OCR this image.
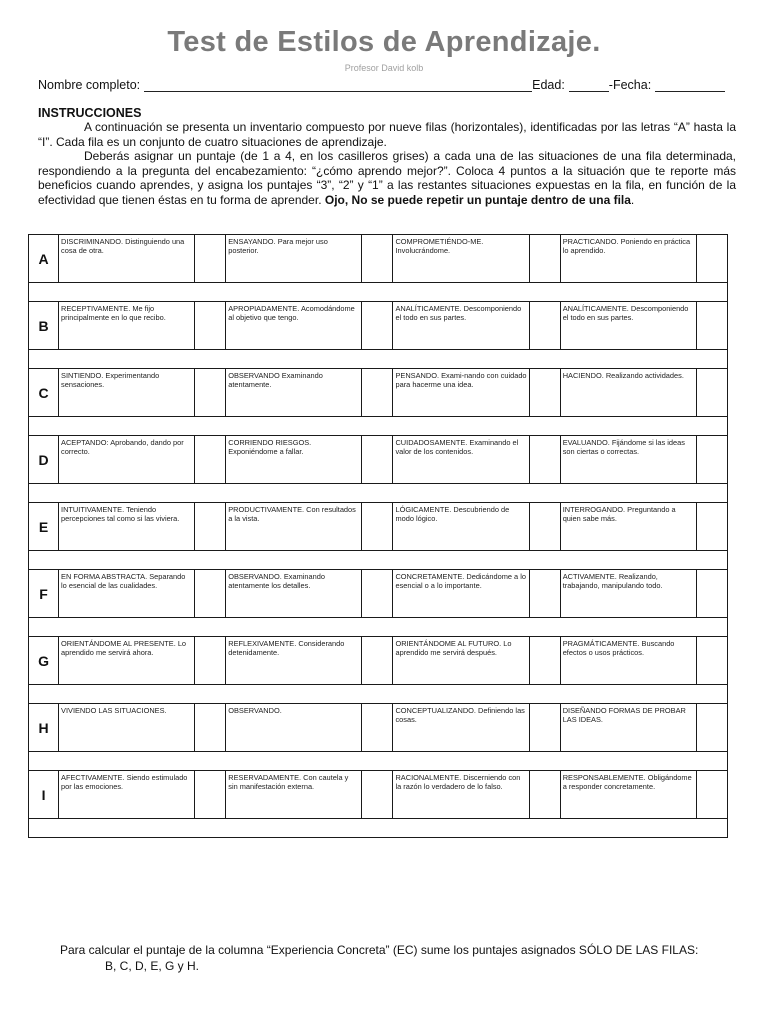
Test de Estilos de Aprendizaje.
Profesor David kolb
Nombre completo:	Edad:	-Fecha:
INSTRUCCIONES

A continuación se presenta un inventario compuesto por nueve filas (horizontales), identificadas por las letras “A” hasta la “I”. Cada fila es un conjunto de cuatro situaciones de aprendizaje.

Deberás asignar un puntaje (de 1 a 4, en los casilleros grises) a cada una de las situaciones de una fila determinada, respondiendo a la pregunta del encabezamiento: “¿cómo aprendo mejor?”. Coloca 4 puntos a la situación que te reporte más beneficios cuando aprendes, y asigna los puntajes “3”, “2” y “1” a las restantes situaciones expuestas en la fila, en función de la efectividad que tienen éstas en tu forma de aprender. Ojo, No se puede repetir un puntaje dentro de una fila.

A	DISCRIMINANDO. Distinguiendo una cosa de otra.		ENSAYANDO. Para mejor uso posterior.		COMPROMETIÉNDO-ME. Involucrándome.		PRACTICANDO. Poniendo en práctica lo aprendido.	

B	RECEPTIVAMENTE. Me fijo principalmente en lo que recibo.		APROPIADAMENTE. Acomodándome al objetivo que tengo.		ANALÍTICAMENTE. Descomponiendo el todo en sus partes.		ANALÍTICAMENTE. Descomponiendo el todo en sus partes.	

C	SINTIENDO. Experimentando sensaciones.		OBSERVANDO Examinando atentamente.		PENSANDO. Exami-nando con cuidado para hacerme una idea.		HACIENDO. Realizando actividades.	

D	ACEPTANDO: Aprobando, dando por correcto.		CORRIENDO RIESGOS. Exponiéndome a fallar.		CUIDADOSAMENTE. Examinando el valor de los contenidos.		EVALUANDO. Fijándome si las ideas son ciertas o correctas.	

E	INTUITIVAMENTE. Teniendo percepciones tal como si las viviera.		PRODUCTIVAMENTE. Con resultados a la vista.		LÓGICAMENTE. Descubriendo de modo lógico.		INTERROGANDO. Preguntando a quien sabe más.	

F	EN FORMA ABSTRACTA. Separando lo esencial de las cualidades.		OBSERVANDO. Examinando atentamente los detalles.		CONCRETAMENTE. Dedicándome a lo esencial o a lo importante.		ACTIVAMENTE. Realizando, trabajando, manipulando todo.	

G	ORIENTÁNDOME AL PRESENTE. Lo aprendido me servirá ahora.		REFLEXIVAMENTE. Considerando detenidamente.		ORIENTÁNDOME AL FUTURO. Lo aprendido me servirá después.		PRAGMÁTICAMENTE. Buscando efectos o usos prácticos.	

H	VIVIENDO LAS SITUACIONES.		OBSERVANDO.		CONCEPTUALIZANDO. Definiendo las cosas.		DISEÑANDO FORMAS DE PROBAR LAS IDEAS.	

I	AFECTIVAMENTE. Siendo estimulado por las emociones.		RESERVADAMENTE. Con cautela y sin manifestación externa.		RACIONALMENTE. Discerniendo con la razón lo verdadero de lo falso.		RESPONSABLEMENTE. Obligándome a responder concretamente.	

Para calcular el puntaje de la columna “Experiencia Concreta” (EC) sume los puntajes asignados SÓLO DE LAS FILAS:
B, C, D, E, G y H.
